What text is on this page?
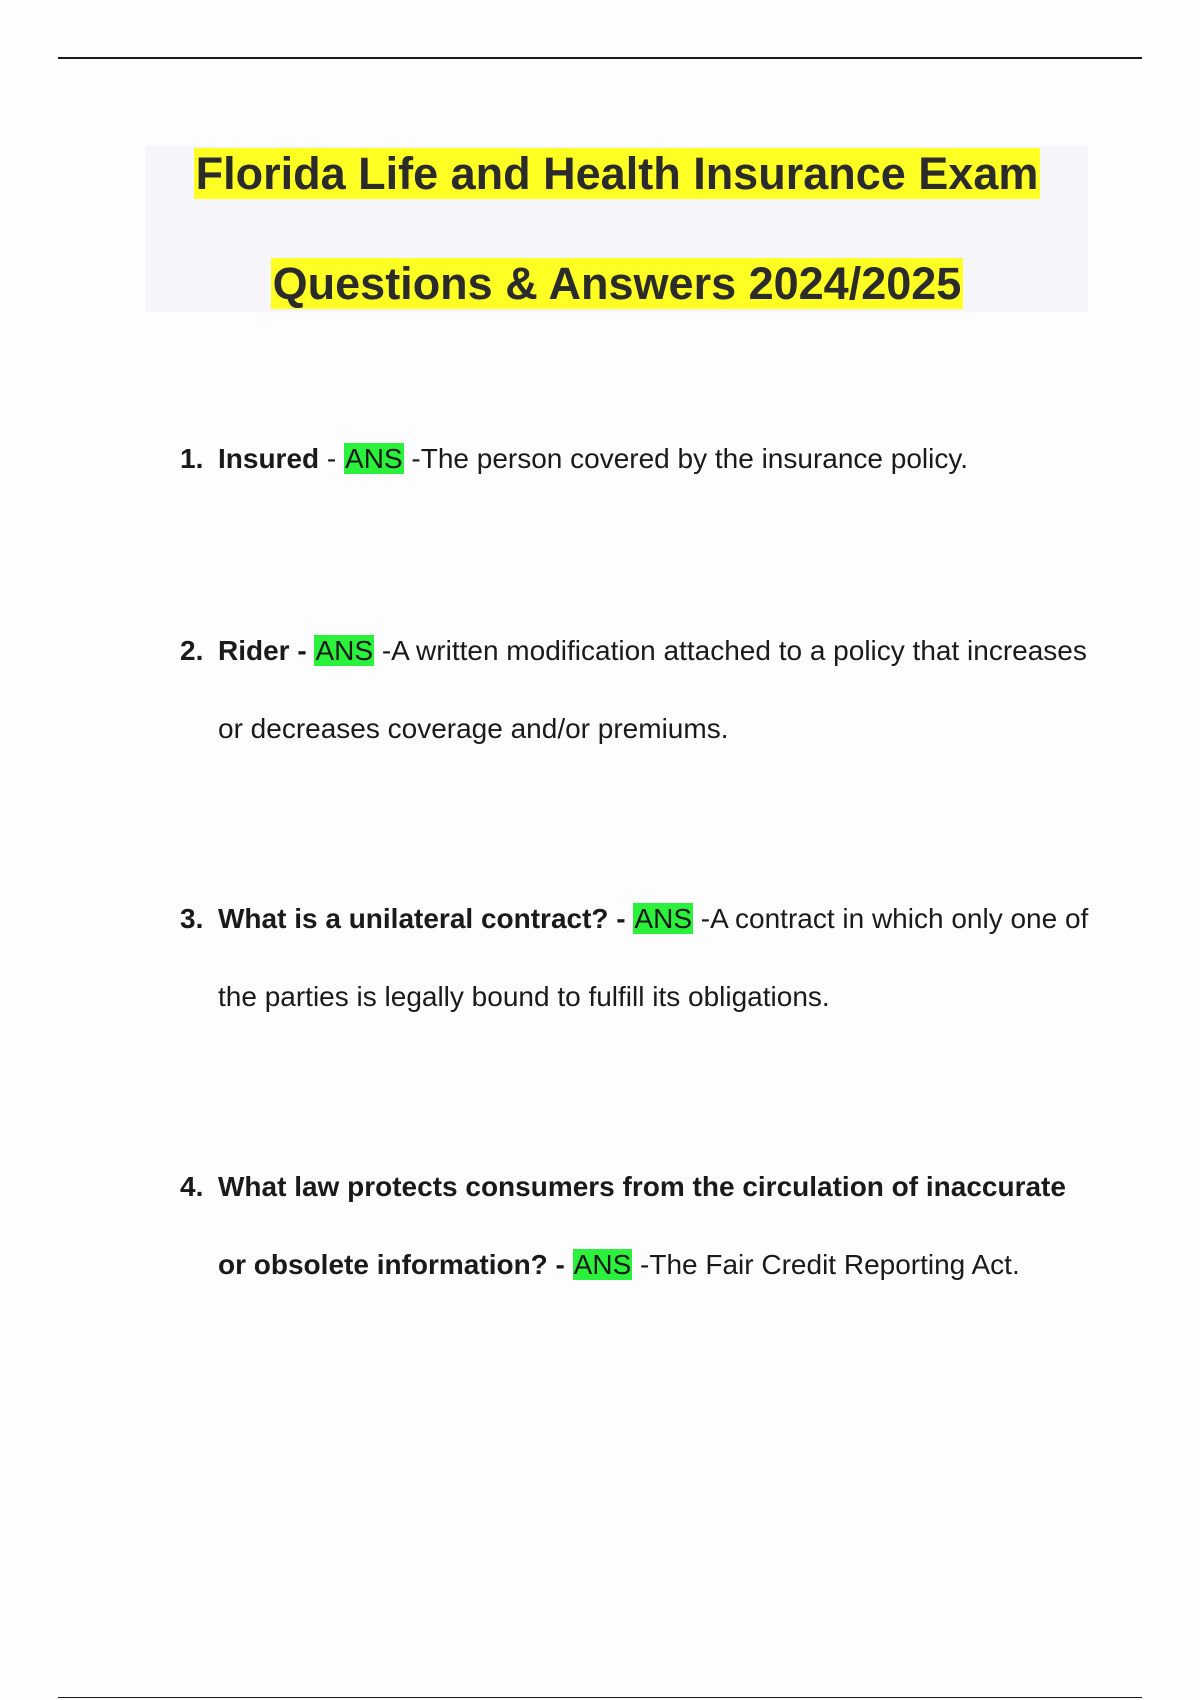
Florida Life and Health Insurance Exam
Questions & Answers 2024/2025
1. Insured - ANS -The person covered by the insurance policy.
2. Rider - ANS -A written modification attached to a policy that increases or decreases coverage and/or premiums.
3. What is a unilateral contract? - ANS -A contract in which only one of the parties is legally bound to fulfill its obligations.
4. What law protects consumers from the circulation of inaccurate or obsolete information? - ANS -The Fair Credit Reporting Act.
